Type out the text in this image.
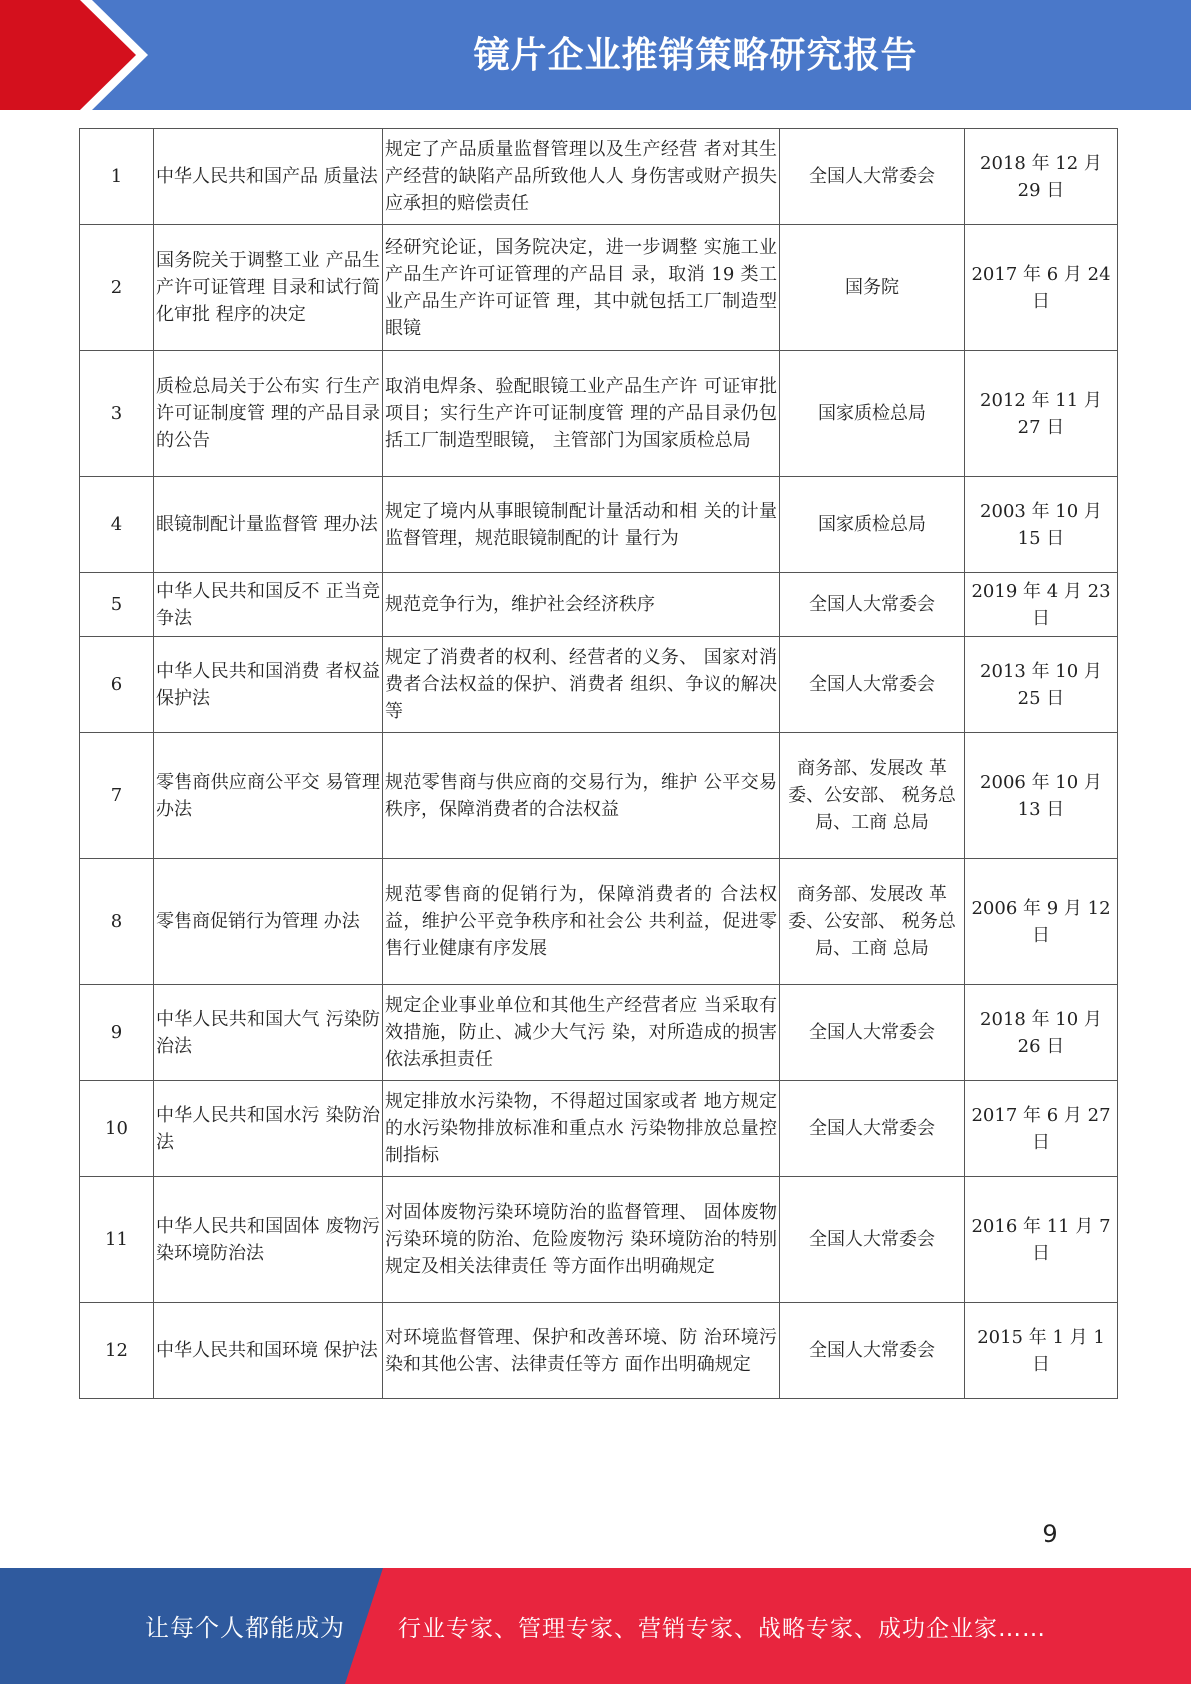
镜片企业推销策略研究报告
1	中华人民共和国产品 质量法	规定了产品质量监督管理以及生产经营 者对其生产经营的缺陷产品所致他人人 身伤害或财产损失应承担的赔偿责任	全国人大常委会	2018 年 12 月 29 日
2	国务院关于调整工业 产品生产许可证管理 目录和试行简化审批 程序的决定	经研究论证，国务院决定，进一步调整 实施工业产品生产许可证管理的产品目 录，取消 19 类工业产品生产许可证管 理，其中就包括工厂制造型眼镜	国务院	2017 年 6 月 24 日
3	质检总局关于公布实 行生产许可证制度管 理的产品目录的公告	取消电焊条、验配眼镜工业产品生产许 可证审批项目；实行生产许可证制度管 理的产品目录仍包括工厂制造型眼镜， 主管部门为国家质检总局	国家质检总局	2012 年 11 月 27 日
4	眼镜制配计量监督管 理办法	规定了境内从事眼镜制配计量活动和相 关的计量监督管理，规范眼镜制配的计 量行为	国家质检总局	2003 年 10 月 15 日
5	中华人民共和国反不 正当竞争法	规范竞争行为，维护社会经济秩序	全国人大常委会	2019 年 4 月 23 日
6	中华人民共和国消费 者权益保护法	规定了消费者的权利、经营者的义务、 国家对消费者合法权益的保护、消费者 组织、争议的解决等	全国人大常委会	2013 年 10 月 25 日
7	零售商供应商公平交 易管理办法	规范零售商与供应商的交易行为，维护 公平交易秩序，保障消费者的合法权益	商务部、发展改 革委、公安部、 税务总局、工商 总局	2006 年 10 月 13 日
8	零售商促销行为管理 办法	规范零售商的促销行为，保障消费者的 合法权益，维护公平竞争秩序和社会公 共利益，促进零售行业健康有序发展	商务部、发展改 革委、公安部、 税务总局、工商 总局	2006 年 9 月 12 日
9	中华人民共和国大气 污染防治法	规定企业事业单位和其他生产经营者应 当采取有效措施，防止、减少大气污 染，对所造成的损害依法承担责任	全国人大常委会	2018 年 10 月 26 日
10	中华人民共和国水污 染防治法	规定排放水污染物，不得超过国家或者 地方规定的水污染物排放标准和重点水 污染物排放总量控制指标	全国人大常委会	2017 年 6 月 27 日
11	中华人民共和国固体 废物污染环境防治法	对固体废物污染环境防治的监督管理、 固体废物污染环境的防治、危险废物污 染环境防治的特别规定及相关法律责任 等方面作出明确规定	全国人大常委会	2016 年 11 月 7 日
12	中华人民共和国环境 保护法	对环境监督管理、保护和改善环境、防 治环境污染和其他公害、法律责任等方 面作出明确规定	全国人大常委会	2015 年 1 月 1 日
9
让每个人都能成为 行业专家、管理专家、营销专家、战略专家、成功企业家……
